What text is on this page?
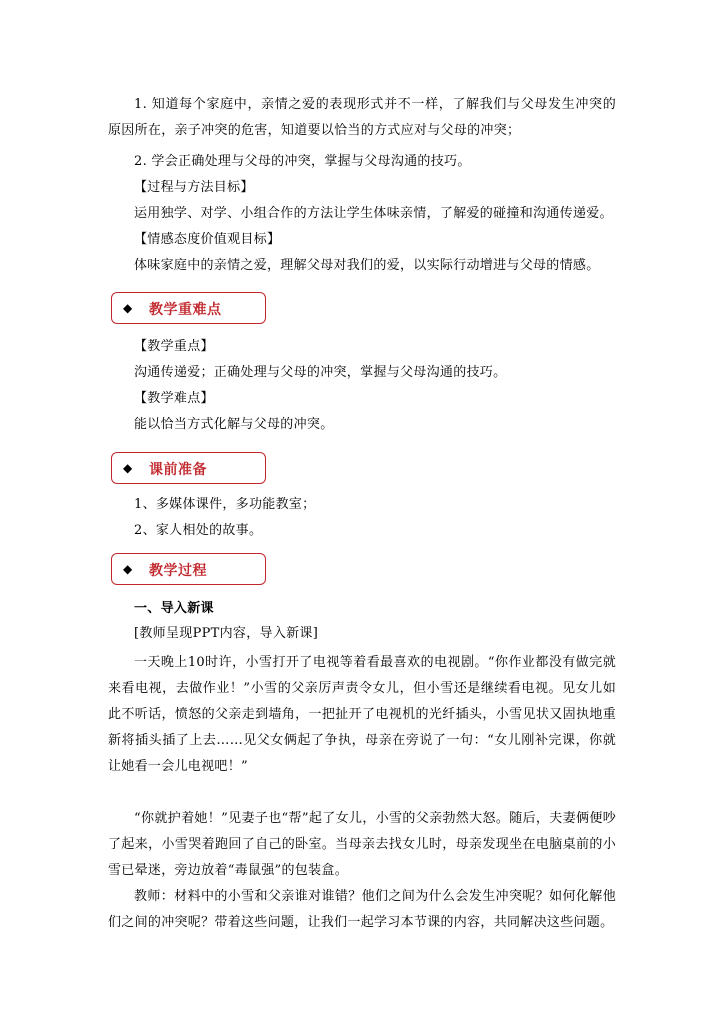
1. 知道每个家庭中，亲情之爱的表现形式并不一样，了解我们与父母发生冲突的原因所在，亲子冲突的危害，知道要以恰当的方式应对与父母的冲突；

2. 学会正确处理与父母的冲突，掌握与父母沟通的技巧。

【过程与方法目标】

运用独学、对学、小组合作的方法让学生体味亲情，了解爱的碰撞和沟通传递爱。

【情感态度价值观目标】

体味家庭中的亲情之爱，理解父母对我们的爱，以实际行动增进与父母的情感。

◆ 教学重难点

【教学重点】

沟通传递爱；正确处理与父母的冲突，掌握与父母沟通的技巧。

【教学难点】

能以恰当方式化解与父母的冲突。

◆ 课前准备

1、多媒体课件，多功能教室；

2、家人相处的故事。

◆ 教学过程

一、导入新课

[教师呈现PPT内容，导入新课]

一天晚上10时许，小雪打开了电视等着看最喜欢的电视剧。“你作业都没有做完就来看电视，去做作业！”小雪的父亲厉声责令女儿，但小雪还是继续看电视。见女儿如此不听话，愤怒的父亲走到墙角，一把扯开了电视机的光纤插头，小雪见状又固执地重新将插头插了上去……见父女俩起了争执，母亲在旁说了一句：“女儿刚补完课，你就让她看一会儿电视吧！”

“你就护着她！”见妻子也“帮”起了女儿，小雪的父亲勃然大怒。随后，夫妻俩便吵了起来，小雪哭着跑回了自己的卧室。当母亲去找女儿时，母亲发现坐在电脑桌前的小雪已晕迷，旁边放着“毒鼠强”的包装盒。

教师：材料中的小雪和父亲谁对谁错？他们之间为什么会发生冲突呢？如何化解他们之间的冲突呢？带着这些问题，让我们一起学习本节课的内容，共同解决这些问题。
